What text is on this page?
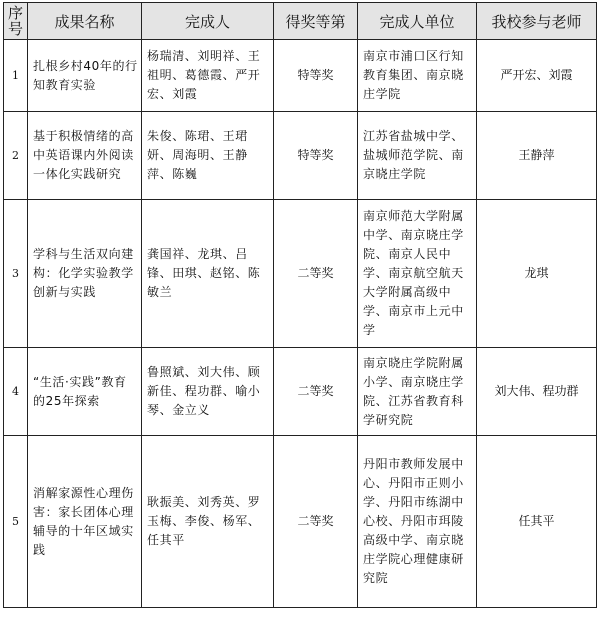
序号	成果名称	完成人	得奖等第	完成人单位	我校参与老师
1	扎根乡村40年的行知教育实验	杨瑞清、刘明祥、王祖明、葛德霞、严开宏、刘霞	特等奖	南京市浦口区行知教育集团、南京晓庄学院	严开宏、刘霞
2	基于积极情绪的高中英语课内外阅读一体化实践研究	朱俊、陈珺、王珺妍、周海明、王静萍、陈巍	特等奖	江苏省盐城中学、盐城师范学院、南京晓庄学院	王静萍
3	学科与生活双向建构：化学实验教学创新与实践	龚国祥、龙琪、吕锋、田琪、赵铭、陈敏兰	二等奖	南京师范大学附属中学、南京晓庄学院、南京人民中学、南京航空航天大学附属高级中学、南京市上元中学	龙琪
4	“生活·实践”教育的25年探索	鲁照斌、刘大伟、顾新佳、程功群、喻小琴、金立义	二等奖	南京晓庄学院附属小学、南京晓庄学院、江苏省教育科学研究院	刘大伟、程功群
5	消解家源性心理伤害：家长团体心理辅导的十年区域实践	耿振美、刘秀英、罗玉梅、李俊、杨军、任其平	二等奖	丹阳市教师发展中心、丹阳市正则小学、丹阳市练湖中心校、丹阳市珥陵高级中学、南京晓庄学院心理健康研究院	任其平
